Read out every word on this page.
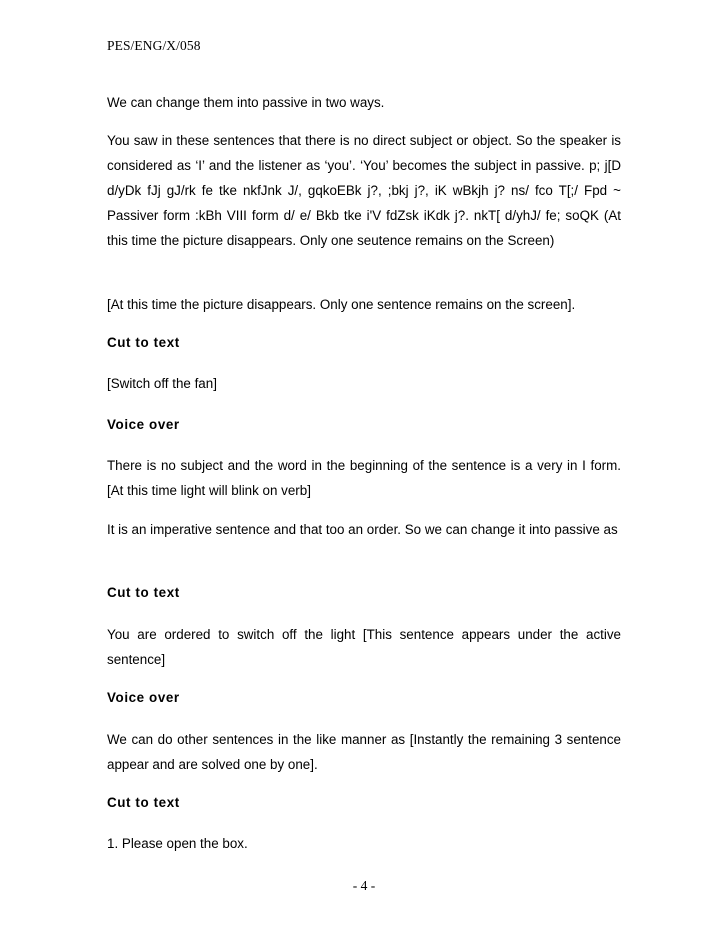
PES/ENG/X/058
We can change them into passive in two ways.
You saw in these sentences that there is no direct subject or object. So the speaker is considered as ‘I’ and the listener as ‘you’. ‘You’ becomes the subject in passive. p; j[D d/yDk fJj gJ/rk fe tke nkfJnk J/, gqkoEBk j?, ;bkj j?, iK wBkjh j? ns/ fco T[;/ Fpd ~ Passiver form :kBh VIII form d/ e/ Bkb tke i'V fdZsk iKdk j?. nkT[ d/yhJ/ fe; soQK (At this time the picture disappears. Only one seutence remains on the Screen)
[At this time the picture disappears. Only one sentence remains on the screen].
Cut to text
[Switch off the fan]
Voice over
There is no subject and the word in the beginning of the sentence is a very in I form. [At this time light will blink on verb]
It is an imperative sentence and that too an order. So we can change it into passive as
Cut to text
You are ordered to switch off the light [This sentence appears under the active sentence]
Voice over
We can do other sentences in the like manner as [Instantly the remaining 3 sentence appear and are solved one by one].
Cut to text
1. Please open the box.
- 4 -
